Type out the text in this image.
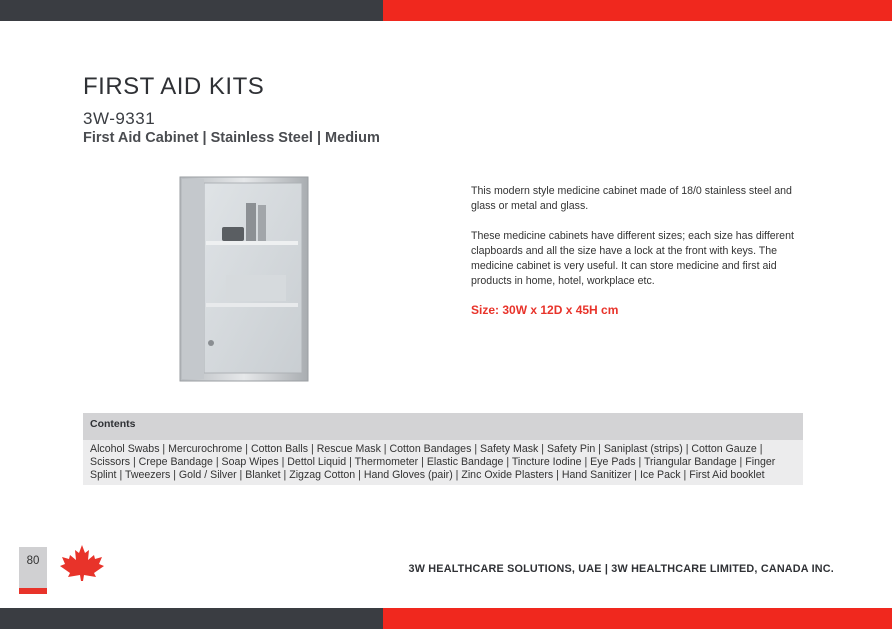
FIRST AID KITS
3W-9331
First Aid Cabinet | Stainless Steel | Medium

This modern style medicine cabinet made of 18/0 stainless steel and glass or metal and glass.

These medicine cabinets have different sizes; each size has different clapboards and all the size have a lock at the front with keys. The medicine cabinet is very useful. It can store medicine and first aid products in home, hotel, workplace etc.

Size: 30W x 12D x 45H cm
Contents
Alcohol Swabs | Mercurochrome | Cotton Balls | Rescue Mask | Cotton Bandages | Safety Mask | Safety Pin | Saniplast (strips) | Cotton Gauze | Scissors | Crepe Bandage | Soap Wipes | Dettol Liquid | Thermometer | Elastic Bandage | Tincture Iodine | Eye Pads | Triangular Bandage | Finger Splint | Tweezers | Gold / Silver | Blanket | Zigzag Cotton | Hand Gloves (pair) | Zinc Oxide Plasters | Hand Sanitizer | Ice Pack | First Aid booklet
80
3W HEALTHCARE SOLUTIONS, UAE | 3W HEALTHCARE LIMITED, CANADA INC.
